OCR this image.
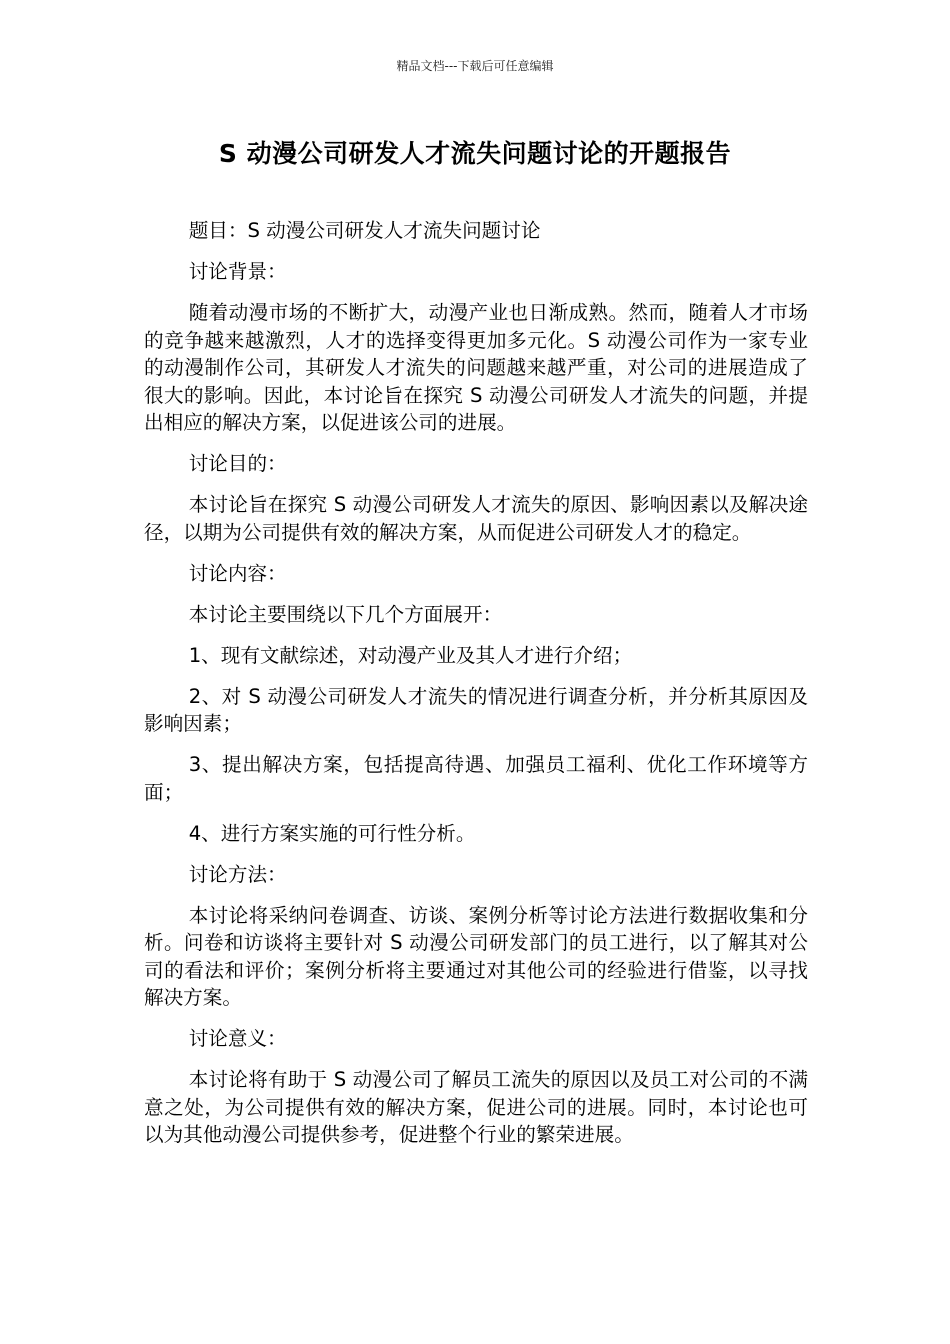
精品文档---下载后可任意编辑
S 动漫公司研发人才流失问题讨论的开题报告

题目：S 动漫公司研发人才流失问题讨论

讨论背景：

随着动漫市场的不断扩大，动漫产业也日渐成熟。然而，随着人才市场的竞争越来越激烈，人才的选择变得更加多元化。S 动漫公司作为一家专业的动漫制作公司，其研发人才流失的问题越来越严重，对公司的进展造成了很大的影响。因此，本讨论旨在探究 S 动漫公司研发人才流失的问题，并提出相应的解决方案，以促进该公司的进展。

讨论目的：

本讨论旨在探究 S 动漫公司研发人才流失的原因、影响因素以及解决途径，以期为公司提供有效的解决方案，从而促进公司研发人才的稳定。

讨论内容：

本讨论主要围绕以下几个方面展开：

1、现有文献综述，对动漫产业及其人才进行介绍；

2、对 S 动漫公司研发人才流失的情况进行调查分析，并分析其原因及影响因素；

3、提出解决方案，包括提高待遇、加强员工福利、优化工作环境等方面；

4、进行方案实施的可行性分析。

讨论方法：

本讨论将采纳问卷调查、访谈、案例分析等讨论方法进行数据收集和分析。问卷和访谈将主要针对 S 动漫公司研发部门的员工进行，以了解其对公司的看法和评价；案例分析将主要通过对其他公司的经验进行借鉴，以寻找解决方案。

讨论意义：

本讨论将有助于 S 动漫公司了解员工流失的原因以及员工对公司的不满意之处，为公司提供有效的解决方案，促进公司的进展。同时，本讨论也可以为其他动漫公司提供参考，促进整个行业的繁荣进展。
